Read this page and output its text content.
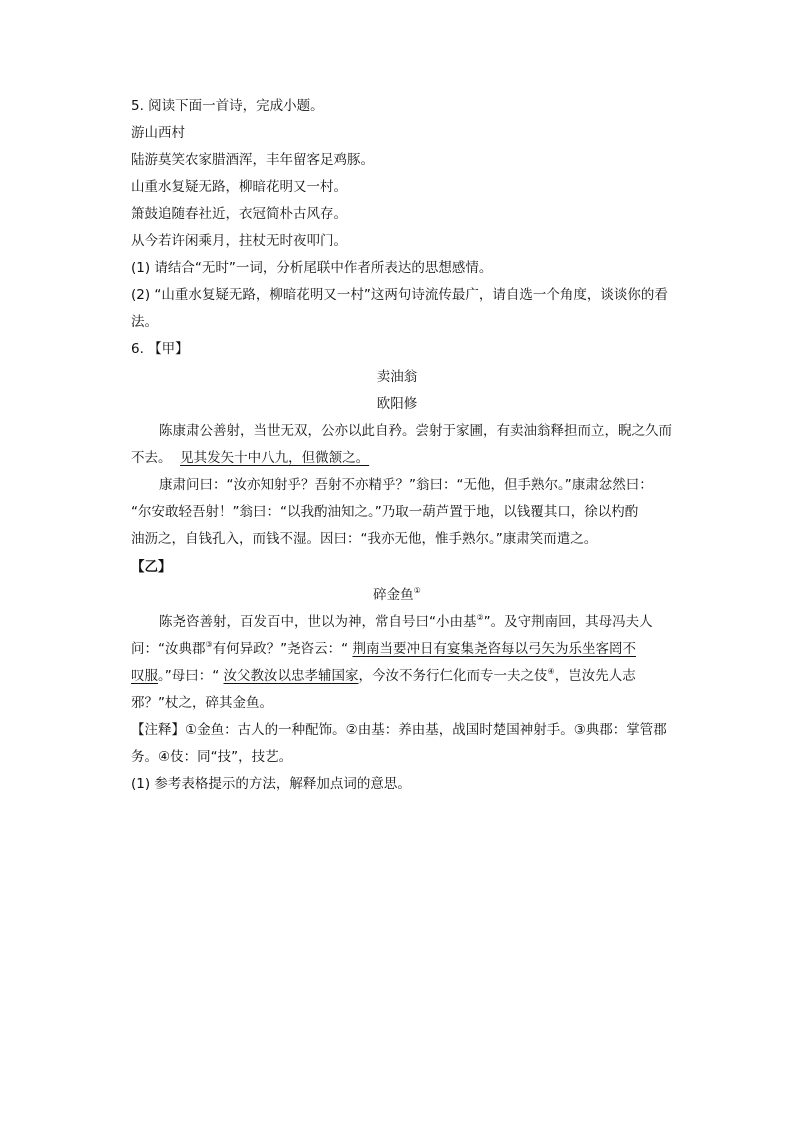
5. 阅读下面一首诗，完成小题。
游山西村
陆游莫笑农家腊酒浑，丰年留客足鸡豚。
山重水复疑无路，柳暗花明又一村。
箫鼓追随春社近，衣冠简朴古风存。
从今若许闲乘月，拄杖无时夜叩门。
(1) 请结合“无时”一词，分析尾联中作者所表达的思想感情。
(2) “山重水复疑无路，柳暗花明又一村”这两句诗流传最广，请自选一个角度，谈谈你的看
法。
6. 【甲】
卖油翁
欧阳修
陈康肃公善射，当世无双，公亦以此自矜。尝射于家圃，有卖油翁释担而立，睨之久而
不去。 见其发矢十中八九，但微颔之。
康肃问曰：“汝亦知射乎？吾射不亦精乎？”翁曰：“无他，但手熟尔。”康肃忿然曰：
“尔安敢轻吾射！”翁曰：“以我酌油知之。”乃取一葫芦置于地，以钱覆其口，徐以杓酌
油沥之，自钱孔入，而钱不湿。因曰：“我亦无他，惟手熟尔。”康肃笑而遣之。
【乙】
碎金鱼①
陈尧咨善射，百发百中，世以为神，常自号曰“小由基②”。及守荆南回，其母冯夫人
问：“汝典郡③有何异政？”尧咨云：“ 荆南当要冲日有宴集尧咨每以弓矢为乐坐客罔不
叹服。”母曰：“ 汝父教汝以忠孝辅国家，今汝不务行仁化而专一夫之伎④，岂汝先人志
邪？”杖之，碎其金鱼。
【注释】①金鱼：古人的一种配饰。②由基：养由基，战国时楚国神射手。③典郡：掌管郡
务。④伎：同“技”，技艺。
(1) 参考表格提示的方法，解释加点词的意思。
